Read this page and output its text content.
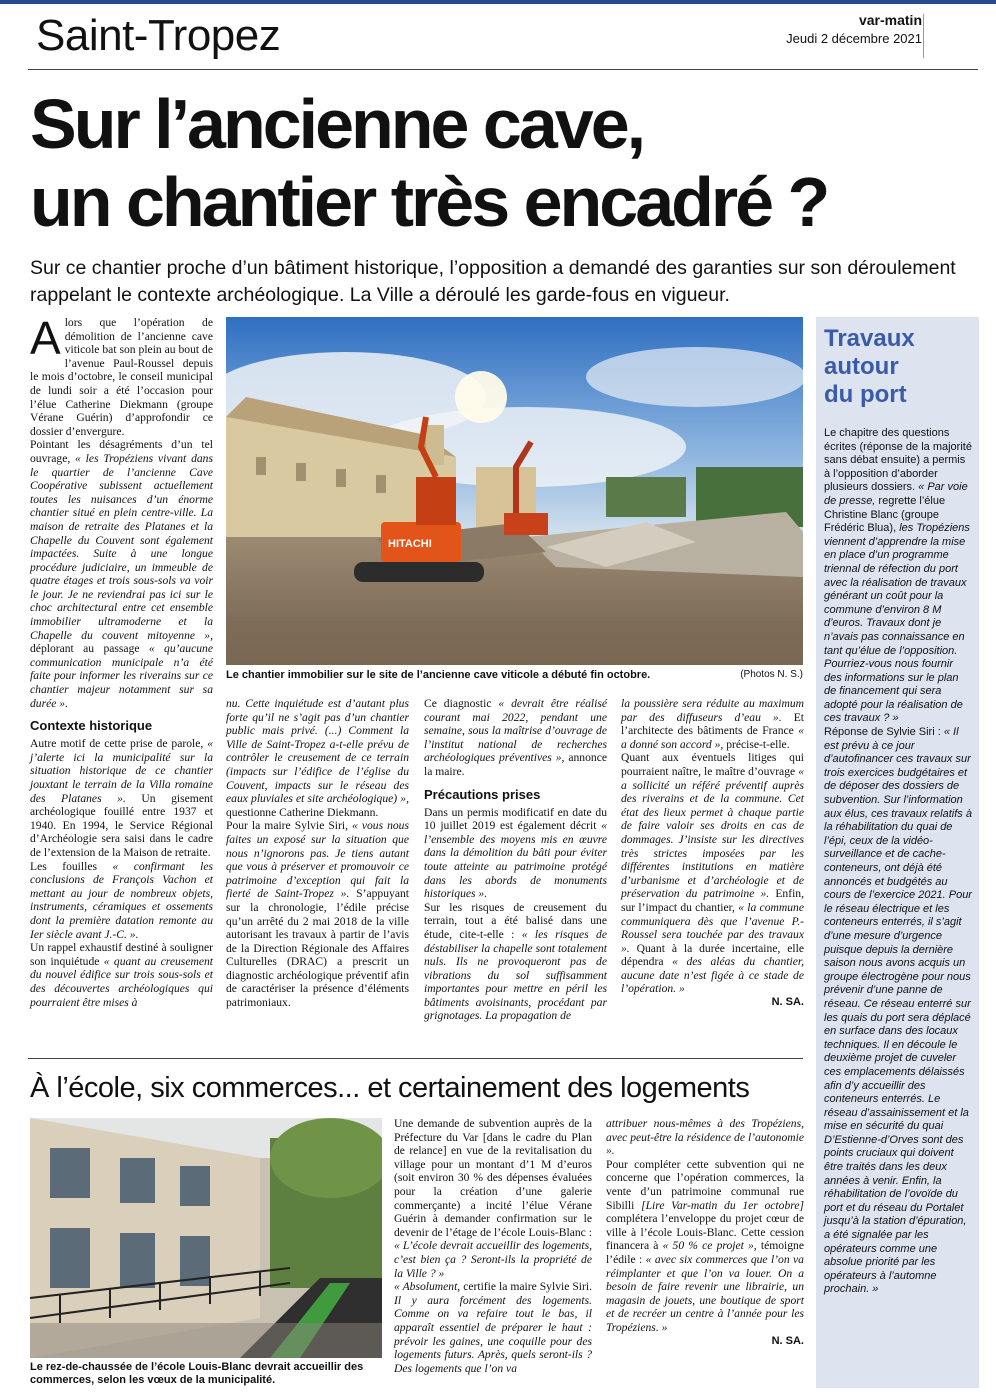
Saint-Tropez	var-matin
Jeudi 2 décembre 2021
Sur l’ancienne cave,
un chantier très encadré ?
Sur ce chantier proche d’un bâtiment historique, l’opposition a demandé des garanties sur son déroulement rappelant le contexte archéologique. La Ville a déroulé les garde-fous en vigueur.

Alors que l’opération de démolition de l’ancienne cave viticole bat son plein au bout de l’avenue Paul-Roussel depuis le mois d’octobre, le conseil municipal de lundi soir a été l’occasion pour l’élue Catherine Diekmann (groupe Vérane Guérin) d’approfondir ce dossier d’envergure.

Pointant les désagréments d’un tel ouvrage, « les Tropéziens vivant dans le quartier de l’ancienne Cave Coopérative subissent actuellement toutes les nuisances d’un énorme chantier situé en plein centre-ville. La maison de retraite des Platanes et la Chapelle du Couvent sont également impactées. Suite à une longue procédure judiciaire, un immeuble de quatre étages et trois sous-sols va voir le jour. Je ne reviendrai pas ici sur le choc architectural entre cet ensemble immobilier ultramoderne et la Chapelle du couvent mitoyenne », déplorant au passage « qu’aucune communication municipale n’a été faite pour informer les riverains sur ce chantier majeur notamment sur sa durée ».

Contexte historique

Autre motif de cette prise de parole, « j’alerte ici la municipalité sur la situation historique de ce chantier jouxtant le terrain de la Villa romaine des Platanes ». Un gisement archéologique fouillé entre 1937 et 1940. En 1994, le Service Régional d’Archéologie sera saisi dans le cadre de l’extension de la Maison de retraite.

Les fouilles « confirmant les conclusions de François Vachon et mettant au jour de nombreux objets, instruments, céramiques et ossements dont la première datation remonte au Ier siècle avant J.-C. ».

Un rappel exhaustif destiné à souligner son inquiétude « quant au creusement du nouvel édifice sur trois sous-sols et des découvertes archéologiques qui pourraient être mises à

HITACHI
Le chantier immobilier sur le site de l’ancienne cave viticole a débuté fin octobre.	(Photos N. S.)

nu. Cette inquiétude est d’autant plus forte qu’il ne s’agit pas d’un chantier public mais privé. (...) Comment la Ville de Saint-Tropez a-t-elle prévu de contrôler le creusement de ce terrain (impacts sur l’édifice de l’église du Couvent, impacts sur le réseau des eaux pluviales et site archéologique) », questionne Catherine Diekmann.

Pour la maire Sylvie Siri, « vous nous faites un exposé sur la situation que nous n’ignorons pas. Je tiens autant que vous à préserver et promouvoir ce patrimoine d’exception qui fait la fierté de Saint-Tropez ». S’appuyant sur la chronologie, l’édile précise qu’un arrêté du 2 mai 2018 de la ville autorisant les travaux à partir de l’avis de la Direction Régionale des Affaires Culturelles (DRAC) a prescrit un diagnostic archéologique préventif afin de caractériser la présence d’éléments patrimoniaux.

Ce diagnostic « devrait être réalisé courant mai 2022, pendant une semaine, sous la maîtrise d’ouvrage de l’institut national de recherches archéologiques préventives », annonce la maire.

Précautions prises

Dans un permis modificatif en date du 10 juillet 2019 est également décrit « l’ensemble des moyens mis en œuvre dans la démolition du bâti pour éviter toute atteinte au patrimoine protégé dans les abords de monuments historiques ».

Sur les risques de creusement du terrain, tout a été balisé dans une étude, cite-t-elle : « les risques de déstabiliser la chapelle sont totalement nuls. Ils ne provoqueront pas de vibrations du sol suffisamment importantes pour mettre en péril les bâtiments avoisinants, procédant par grignotages. La propagation de

la poussière sera réduite au maximum par des diffuseurs d’eau ». Et l’architecte des bâtiments de France « a donné son accord », précise-t-elle.

Quant aux éventuels litiges qui pourraient naître, le maître d’ouvrage « a sollicité un référé préventif auprès des riverains et de la commune. Cet état des lieux permet à chaque partie de faire valoir ses droits en cas de dommages. J’insiste sur les directives très strictes imposées par les différentes institutions en matière d’urbanisme et d’archéologie et de préservation du patrimoine ». Enfin, sur l’impact du chantier, « la commune communiquera dès que l’avenue P.-Roussel sera touchée par des travaux ». Quant à la durée incertaine, elle dépendra « des aléas du chantier, aucune date n’est figée à ce stade de l’opération. »

N. SA.
Travaux
autour
du port

Le chapitre des questions écrites (réponse de la majorité sans débat ensuite) a permis à l’opposition d’aborder plusieurs dossiers. « Par voie de presse, regrette l’élue Christine Blanc (groupe Frédéric Blua), les Tropéziens viennent d’apprendre la mise en place d’un programme triennal de réfection du port avec la réalisation de travaux générant un coût pour la commune d’environ 8 M d’euros. Travaux dont je n’avais pas connaissance en tant qu’élue de l’opposition. Pourriez-vous nous fournir des informations sur le plan de financement qui sera adopté pour la réalisation de ces travaux ? »

Réponse de Sylvie Siri : « Il est prévu à ce jour d’autofinancer ces travaux sur trois exercices budgétaires et de déposer des dossiers de subvention. Sur l’information aux élus, ces travaux relatifs à la réhabilitation du quai de l’épi, ceux de la vidéo-surveillance et de cache-conteneurs, ont déjà été annoncés et budgétés au cours de l’exercice 2021. Pour le réseau électrique et les conteneurs enterrés, il s’agit d’une mesure d’urgence puisque depuis la dernière saison nous avons acquis un groupe électrogène pour nous prévenir d’une panne de réseau. Ce réseau enterré sur les quais du port sera déplacé en surface dans des locaux techniques. Il en découle le deuxième projet de cuveler ces emplacements délaissés afin d’y accueillir des conteneurs enterrés. Le réseau d’assainissement et la mise en sécurité du quai D’Estienne-d’Orves sont des points cruciaux qui doivent être traités dans les deux années à venir. Enfin, la réhabilitation de l’ovoïde du port et du réseau du Portalet jusqu’à la station d’épuration, a été signalée par les opérateurs comme une absolue priorité par les opérateurs à l’automne prochain. »

À l’école, six commerces... et certainement des logements
Le rez-de-chaussée de l’école Louis-Blanc devrait accueillir des commerces, selon les vœux de la municipalité.

Une demande de subvention auprès de la Préfecture du Var [dans le cadre du Plan de relance] en vue de la revitalisation du village pour un montant d’1 M d’euros (soit environ 30 % des dépenses évaluées pour la création d’une galerie commerçante) a incité l’élue Vérane Guérin à demander confirmation sur le devenir de l’étage de l’école Louis-Blanc : « L’école devrait accueillir des logements, c’est bien ça ? Seront-ils la propriété de la Ville ? »

« Absolument, certifie la maire Sylvie Siri. Il y aura forcément des logements. Comme on va refaire tout le bas, il apparaît essentiel de préparer le haut : prévoir les gaines, une coquille pour des logements futurs. Après, quels seront-ils ? Des logements que l’on va

attribuer nous-mêmes à des Tropéziens, avec peut-être la résidence de l’autonomie ».

Pour compléter cette subvention qui ne concerne que l’opération commerces, la vente d’un patrimoine communal rue Sibilli [Lire Var-matin du 1er octobre] complétera l’enveloppe du projet cœur de ville à l’école Louis-Blanc. Cette cession financera à « 50 % ce projet », témoigne l’édile : « avec six commerces que l’on va réimplanter et que l’on va louer. On a besoin de faire revenir une librairie, un magasin de jouets, une boutique de sport et de recréer un centre à l’année pour les Tropéziens. »

N. SA.
